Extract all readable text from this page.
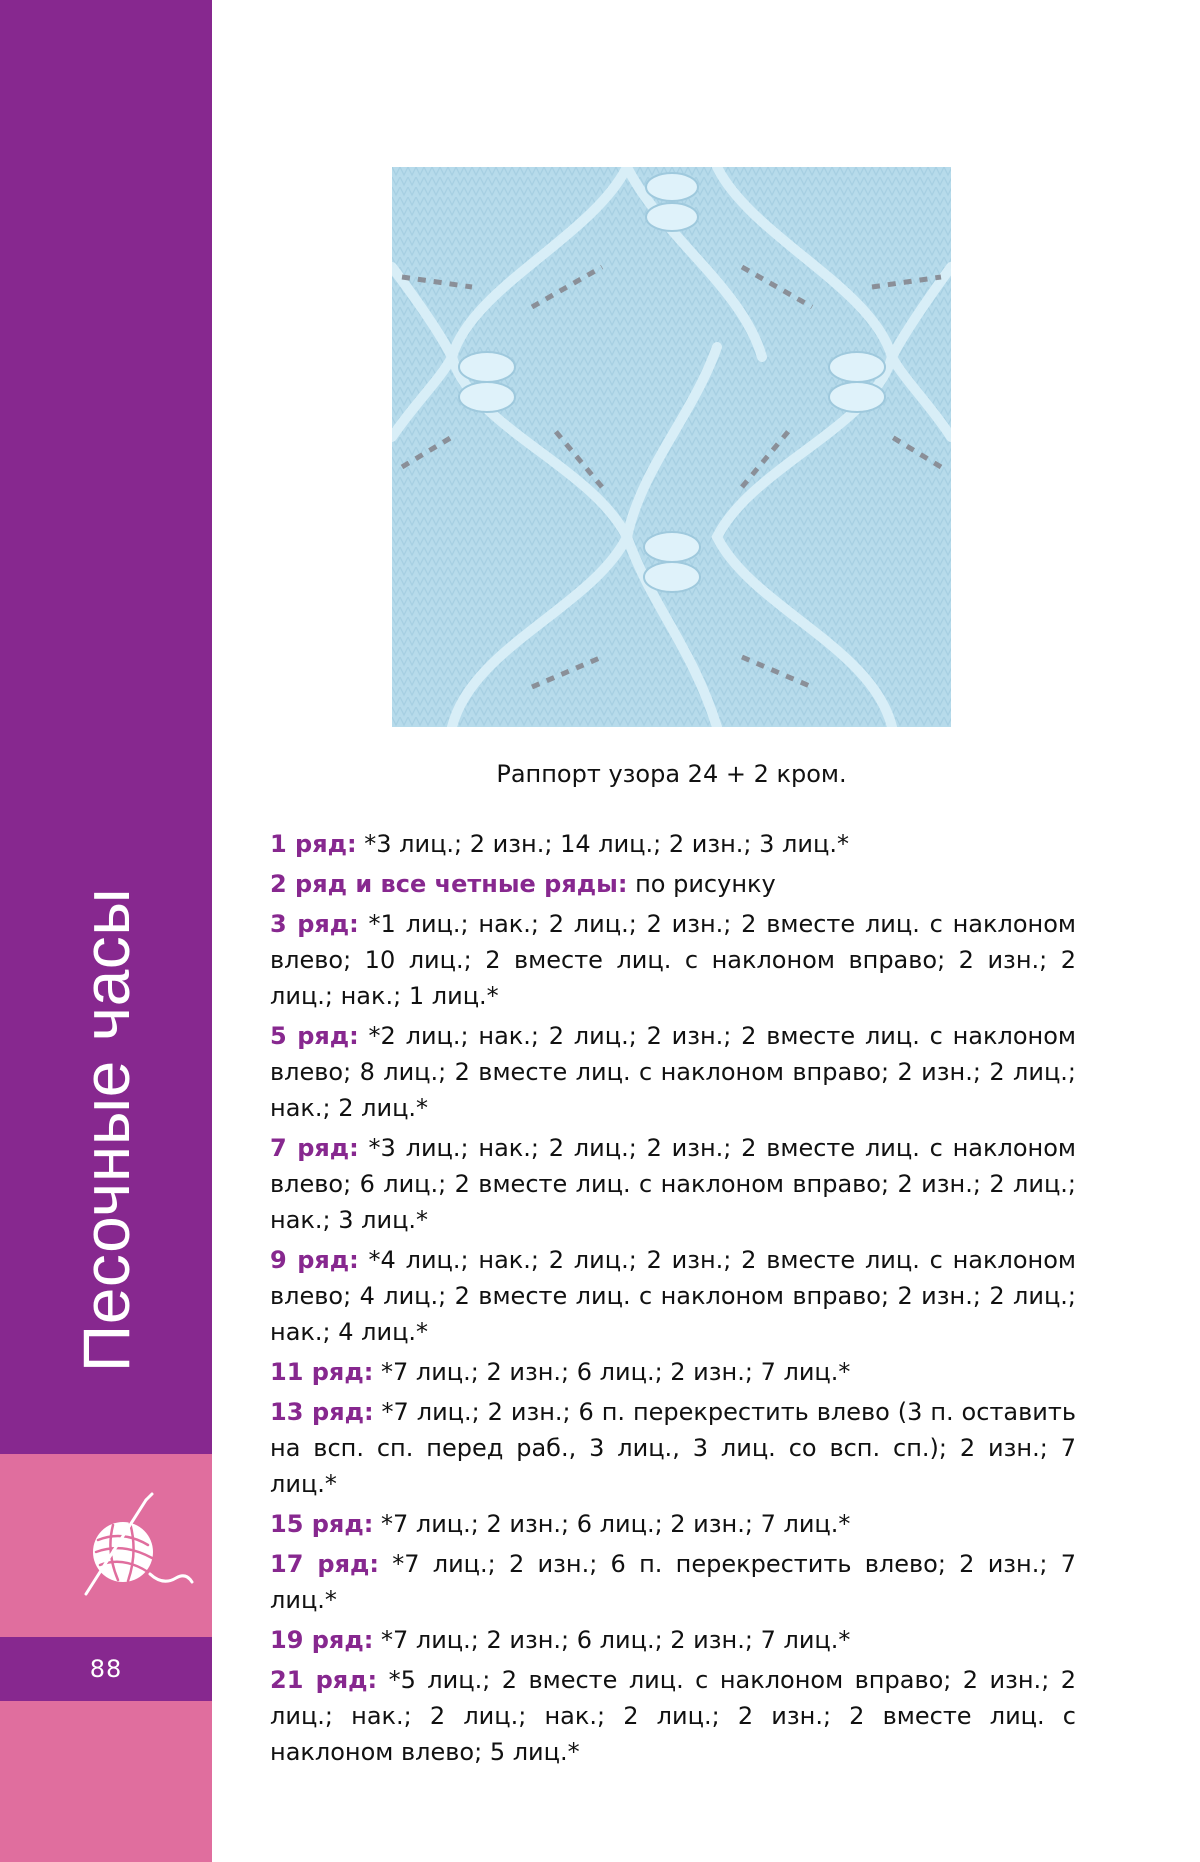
Песочные часы
88
Раппорт узора 24 + 2 кром.

1 ряд: *3 лиц.; 2 изн.; 14 лиц.; 2 изн.; 3 лиц.*

2 ряд и все четные ряды: по рисунку

3 ряд: *1 лиц.; нак.; 2 лиц.; 2 изн.; 2 вместе лиц. с наклоном влево; 10 лиц.; 2 вместе лиц. с наклоном вправо; 2 изн.; 2 лиц.; нак.; 1 лиц.*

5 ряд: *2 лиц.; нак.; 2 лиц.; 2 изн.; 2 вместе лиц. с наклоном влево; 8 лиц.; 2 вместе лиц. с наклоном вправо; 2 изн.; 2 лиц.; нак.; 2 лиц.*

7 ряд: *3 лиц.; нак.; 2 лиц.; 2 изн.; 2 вместе лиц. с наклоном влево; 6 лиц.; 2 вместе лиц. с наклоном вправо; 2 изн.; 2 лиц.; нак.; 3 лиц.*

9 ряд: *4 лиц.; нак.; 2 лиц.; 2 изн.; 2 вместе лиц. с наклоном влево; 4 лиц.; 2 вместе лиц. с наклоном вправо; 2 изн.; 2 лиц.; нак.; 4 лиц.*

11 ряд: *7 лиц.; 2 изн.; 6 лиц.; 2 изн.; 7 лиц.*

13 ряд: *7 лиц.; 2 изн.; 6 п. перекрестить влево (3 п. оставить на всп. сп. перед раб., 3 лиц., 3 лиц. со всп. сп.); 2 изн.; 7 лиц.*

15 ряд: *7 лиц.; 2 изн.; 6 лиц.; 2 изн.; 7 лиц.*

17 ряд: *7 лиц.; 2 изн.; 6 п. перекрестить влево; 2 изн.; 7 лиц.*

19 ряд: *7 лиц.; 2 изн.; 6 лиц.; 2 изн.; 7 лиц.*

21 ряд: *5 лиц.; 2 вместе лиц. с наклоном вправо; 2 изн.; 2 лиц.; нак.; 2 лиц.; нак.; 2 лиц.; 2 изн.; 2 вместе лиц. с наклоном влево; 5 лиц.*
